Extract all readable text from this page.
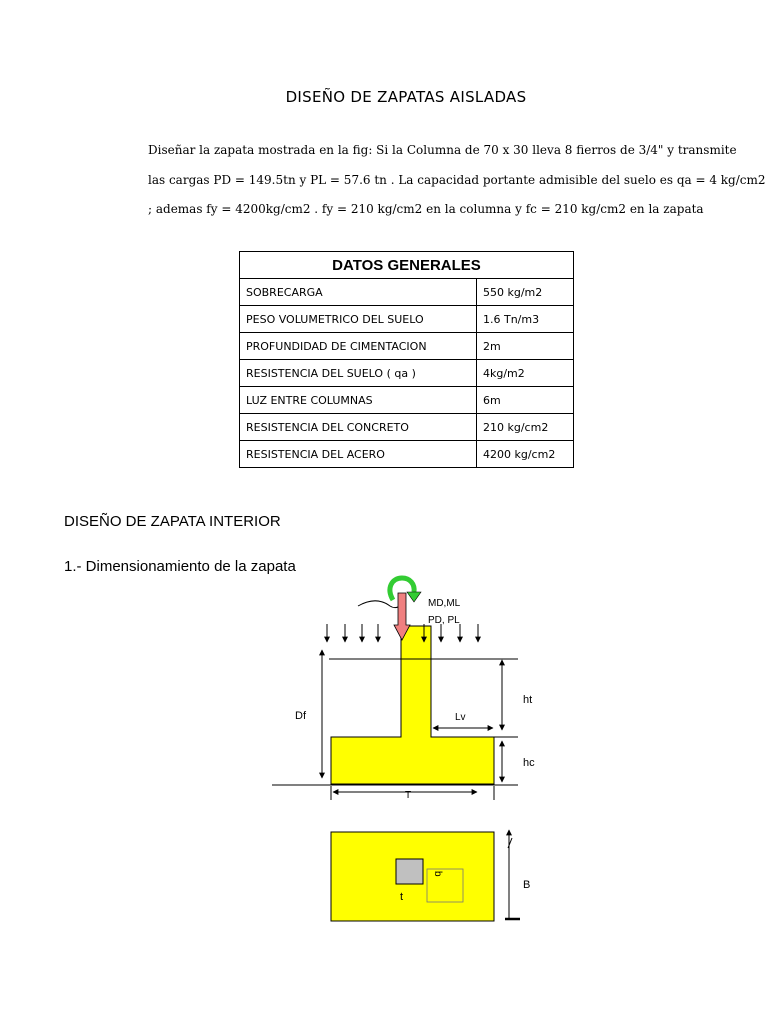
DISEÑO DE ZAPATAS AISLADAS
Diseñar la zapata mostrada en la fig: Si la Columna de 70 x 30 lleva 8 fierros de 3/4" y transmite
las cargas PD = 149.5tn y PL = 57.6 tn . La capacidad portante admisible del suelo es qa = 4 kg/cm2
; ademas fy = 4200kg/cm2 . fy = 210 kg/cm2 en la columna y fc = 210 kg/cm2 en la zapata
DATOS GENERALES	
SOBRECARGA	550 kg/m2
PESO VOLUMETRICO DEL SUELO	1.6 Tn/m3
PROFUNDIDAD DE CIMENTACION	2m
RESISTENCIA DEL SUELO ( qa )	4kg/m2
LUZ ENTRE COLUMNAS	6m
RESISTENCIA DEL CONCRETO	210 kg/cm2
RESISTENCIA DEL ACERO	4200 kg/cm2
DISEÑO DE ZAPATA INTERIOR
1.- Dimensionamiento de la zapata
MD,ML
PD, PL
Df	Lv
ht
hc
T
t
b
B
